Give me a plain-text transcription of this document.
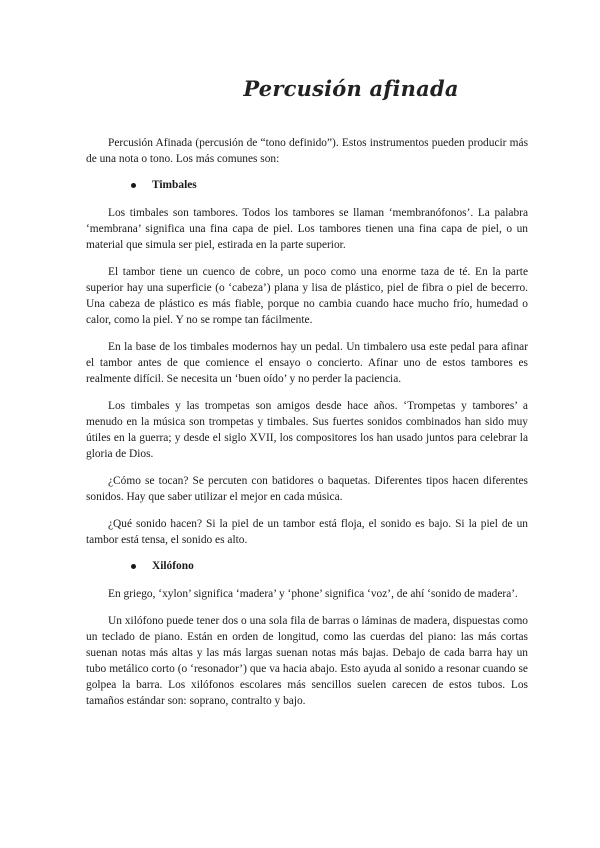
Percusión afinada

Percusión Afinada (percusión de “tono definido”). Estos instrumentos pueden producir más de una nota o tono. Los más comunes son:

Timbales

Los timbales son tambores. Todos los tambores se llaman ‘membranófonos’. La palabra ‘membrana’ significa una fina capa de piel. Los tambores tienen una fina capa de piel, o un material que simula ser piel, estirada en la parte superior.

El tambor tiene un cuenco de cobre, un poco como una enorme taza de té. En la parte superior hay una superficie (o ‘cabeza’) plana y lisa de plástico, piel de fibra o piel de becerro. Una cabeza de plástico es más fiable, porque no cambia cuando hace mucho frío, humedad o calor, como la piel. Y no se rompe tan fácilmente.

En la base de los timbales modernos hay un pedal. Un timbalero usa este pedal para afinar el tambor antes de que comience el ensayo o concierto. Afinar uno de estos tambores es realmente difícil. Se necesita un ‘buen oído’ y no perder la paciencia.

Los timbales y las trompetas son amigos desde hace años. ‘Trompetas y tambores’ a menudo en la música son trompetas y timbales. Sus fuertes sonidos combinados han sido muy útiles en la guerra; y desde el siglo XVII, los compositores los han usado juntos para celebrar la gloria de Dios.

¿Cómo se tocan? Se percuten con batidores o baquetas. Diferentes tipos hacen diferentes sonidos. Hay que saber utilizar el mejor en cada música.

¿Qué sonido hacen? Si la piel de un tambor está floja, el sonido es bajo. Si la piel de un tambor está tensa, el sonido es alto.

Xilófono

En griego, ‘xylon’ significa ‘madera’ y ‘phone’ significa ‘voz’, de ahí ‘sonido de madera’.

Un xilófono puede tener dos o una sola fila de barras o láminas de madera, dispuestas como un teclado de piano. Están en orden de longitud, como las cuerdas del piano: las más cortas suenan notas más altas y las más largas suenan notas más bajas. Debajo de cada barra hay un tubo metálico corto (o ‘resonador’) que va hacia abajo. Esto ayuda al sonido a resonar cuando se golpea la barra. Los xilófonos escolares más sencillos suelen carecen de estos tubos. Los tamaños estándar son: soprano, contralto y bajo.
